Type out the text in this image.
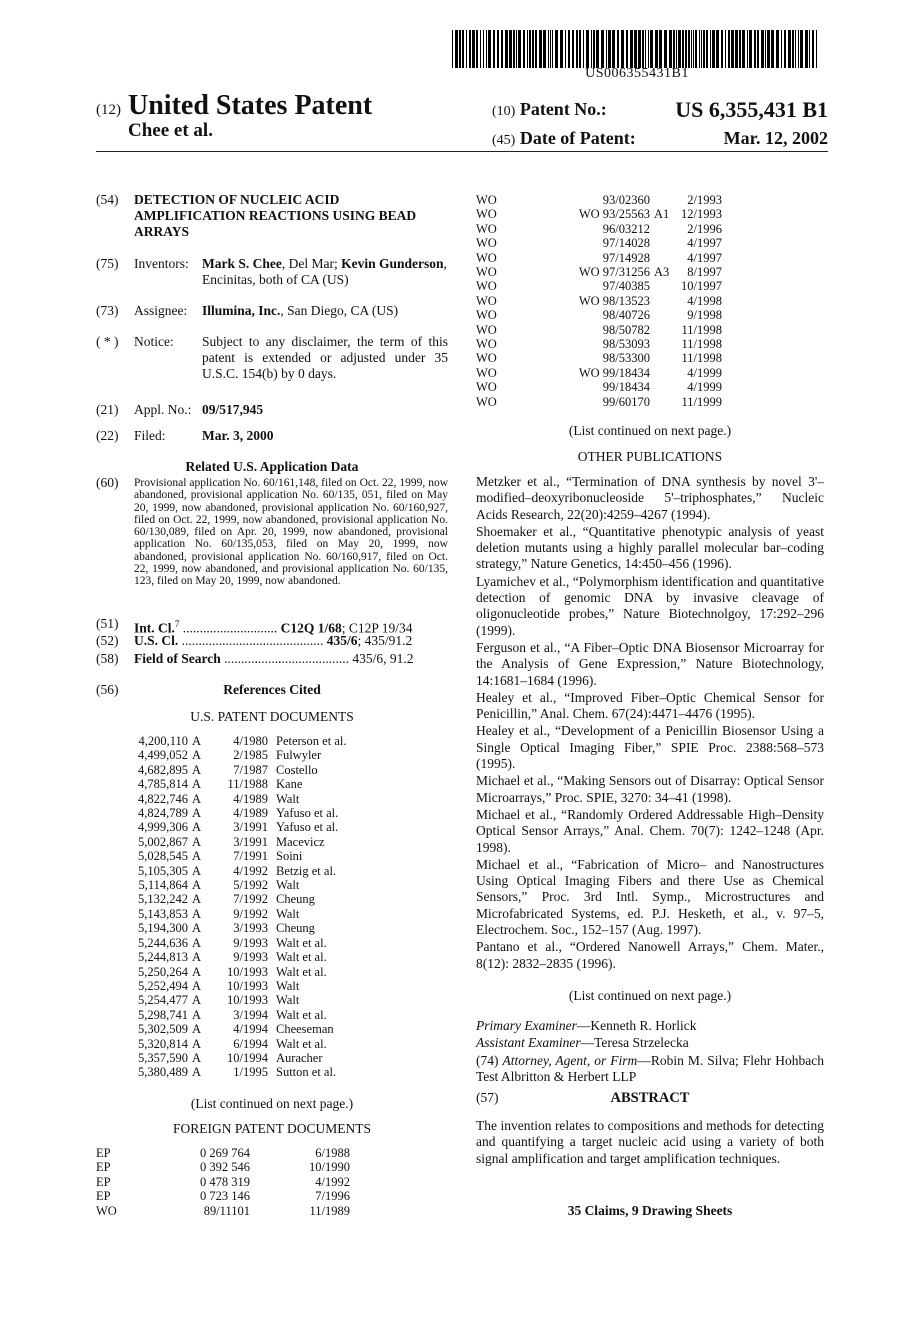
US006355431B1
(12) United States Patent
Chee et al.
(10) Patent No.:	US 6,355,431 B1
(45) Date of Patent:	Mar. 12, 2002
(54)	DETECTION OF NUCLEIC ACID AMPLIFICATION REACTIONS USING BEAD ARRAYS
(75)	Inventors: Mark S. Chee, Del Mar; Kevin Gunderson, Encinitas, both of CA (US)
(73)	Assignee:	Illumina, Inc., San Diego, CA (US)
( * )	Notice:	Subject to any disclaimer, the term of this patent is extended or adjusted under 35 U.S.C. 154(b) by 0 days.
(21)	Appl. No.: 09/517,945
(22)	Filed:	Mar. 3, 2000
Related U.S. Application Data
(60)	Provisional application No. 60/161,148, filed on Oct. 22, 1999, now abandoned, provisional application No. 60/135, 051, filed on May 20, 1999, now abandoned, provisional application No. 60/160,927, filed on Oct. 22, 1999, now abandoned, provisional application No. 60/130,089, filed on Apr. 20, 1999, now abandoned, provisional application No. 60/135,053, filed on May 20, 1999, now abandoned, provisional application No. 60/160,917, filed on Oct. 22, 1999, now abandoned, and provisional application No. 60/135, 123, filed on May 20, 1999, now abandoned.
(51)	Int. Cl.$^7$ ............................ C12Q 1/68; C12P 19/34
(52)	U.S. Cl. .......................................... 435/6; 435/91.2
(58)	Field of Search ..................................... 435/6, 91.2
(56)	References Cited
U.S. PATENT DOCUMENTS
4,200,110 A	4/1980 Peterson et al.
4,499,052 A	2/1985 Fulwyler
4,682,895 A	7/1987 Costello
4,785,814 A	11/1988 Kane
4,822,746 A	4/1989 Walt
4,824,789 A	4/1989 Yafuso et al.
4,999,306 A	3/1991 Yafuso et al.
5,002,867 A	3/1991 Macevicz
5,028,545 A	7/1991 Soini
5,105,305 A	4/1992 Betzig et al.
5,114,864 A	5/1992 Walt
5,132,242 A	7/1992 Cheung
5,143,853 A	9/1992 Walt
5,194,300 A	3/1993 Cheung
5,244,636 A	9/1993 Walt et al.
5,244,813 A	9/1993 Walt et al.
5,250,264 A	10/1993 Walt et al.
5,252,494 A	10/1993 Walt
5,254,477 A	10/1993 Walt
5,298,741 A	3/1994 Walt et al.
5,302,509 A	4/1994 Cheeseman
5,320,814 A	6/1994 Walt et al.
5,357,590 A	10/1994 Auracher
5,380,489 A	1/1995 Sutton et al.
(List continued on next page.)
FOREIGN PATENT DOCUMENTS
EP	0 269 764	6/1988
EP	0 392 546	10/1990
EP	0 478 319	4/1992
EP	0 723 146	7/1996
WO	89/11101	11/1989
WO	93/02360	2/1993
WO	WO 93/25563 A1 12/1993
WO	96/03212	2/1996
WO	97/14028	4/1997
WO	97/14928	4/1997
WO	WO 97/31256 A3	8/1997
WO	97/40385	10/1997
WO	WO 98/13523	4/1998
WO	98/40726	9/1998
WO	98/50782	11/1998
WO	98/53093	11/1998
WO	98/53300	11/1998
WO	WO 99/18434	4/1999
WO	99/18434	4/1999
WO	99/60170	11/1999
(List continued on next page.)
OTHER PUBLICATIONS

Metzker et al., “Termination of DNA synthesis by novel 3'–modified–deoxyribonucleoside 5'–triphosphates,” Nucleic Acids Research, 22(20):4259–4267 (1994).

Shoemaker et al., “Quantitative phenotypic analysis of yeast deletion mutants using a highly parallel molecular bar–coding strategy,” Nature Genetics, 14:450–456 (1996).

Lyamichev et al., “Polymorphism identification and quantitative detection of genomic DNA by invasive cleavage of oligonucleotide probes,” Nature Biotechnolgoy, 17:292–296 (1999).

Ferguson et al., “A Fiber–Optic DNA Biosensor Microarray for the Analysis of Gene Expression,” Nature Biotechnology, 14:1681–1684 (1996).

Healey et al., “Improved Fiber–Optic Chemical Sensor for Penicillin,” Anal. Chem. 67(24):4471–4476 (1995).

Healey et al., “Development of a Penicillin Biosensor Using a Single Optical Imaging Fiber,” SPIE Proc. 2388:568–573 (1995).

Michael et al., “Making Sensors out of Disarray: Optical Sensor Microarrays,” Proc. SPIE, 3270: 34–41 (1998).

Michael et al., “Randomly Ordered Addressable High–Density Optical Sensor Arrays,” Anal. Chem. 70(7): 1242–1248 (Apr. 1998).

Michael et al., “Fabrication of Micro– and Nanostructures Using Optical Imaging Fibers and there Use as Chemical Sensors,” Proc. 3rd Intl. Symp., Microstructures and Microfabricated Systems, ed. P.J. Hesketh, et al., v. 97–5, Electrochem. Soc., 152–157 (Aug. 1997).

Pantano et al., “Ordered Nanowell Arrays,” Chem. Mater., 8(12): 2832–2835 (1996).

(List continued on next page.)

Primary Examiner—Kenneth R. Horlick

Assistant Examiner—Teresa Strzelecka

(74) Attorney, Agent, or Firm—Robin M. Silva; Flehr Hohbach Test Albritton & Herbert LLP

(57)	ABSTRACT
The invention relates to compositions and methods for detecting and quantifying a target nucleic acid using a variety of both signal amplification and target amplification techniques.
35 Claims, 9 Drawing Sheets
